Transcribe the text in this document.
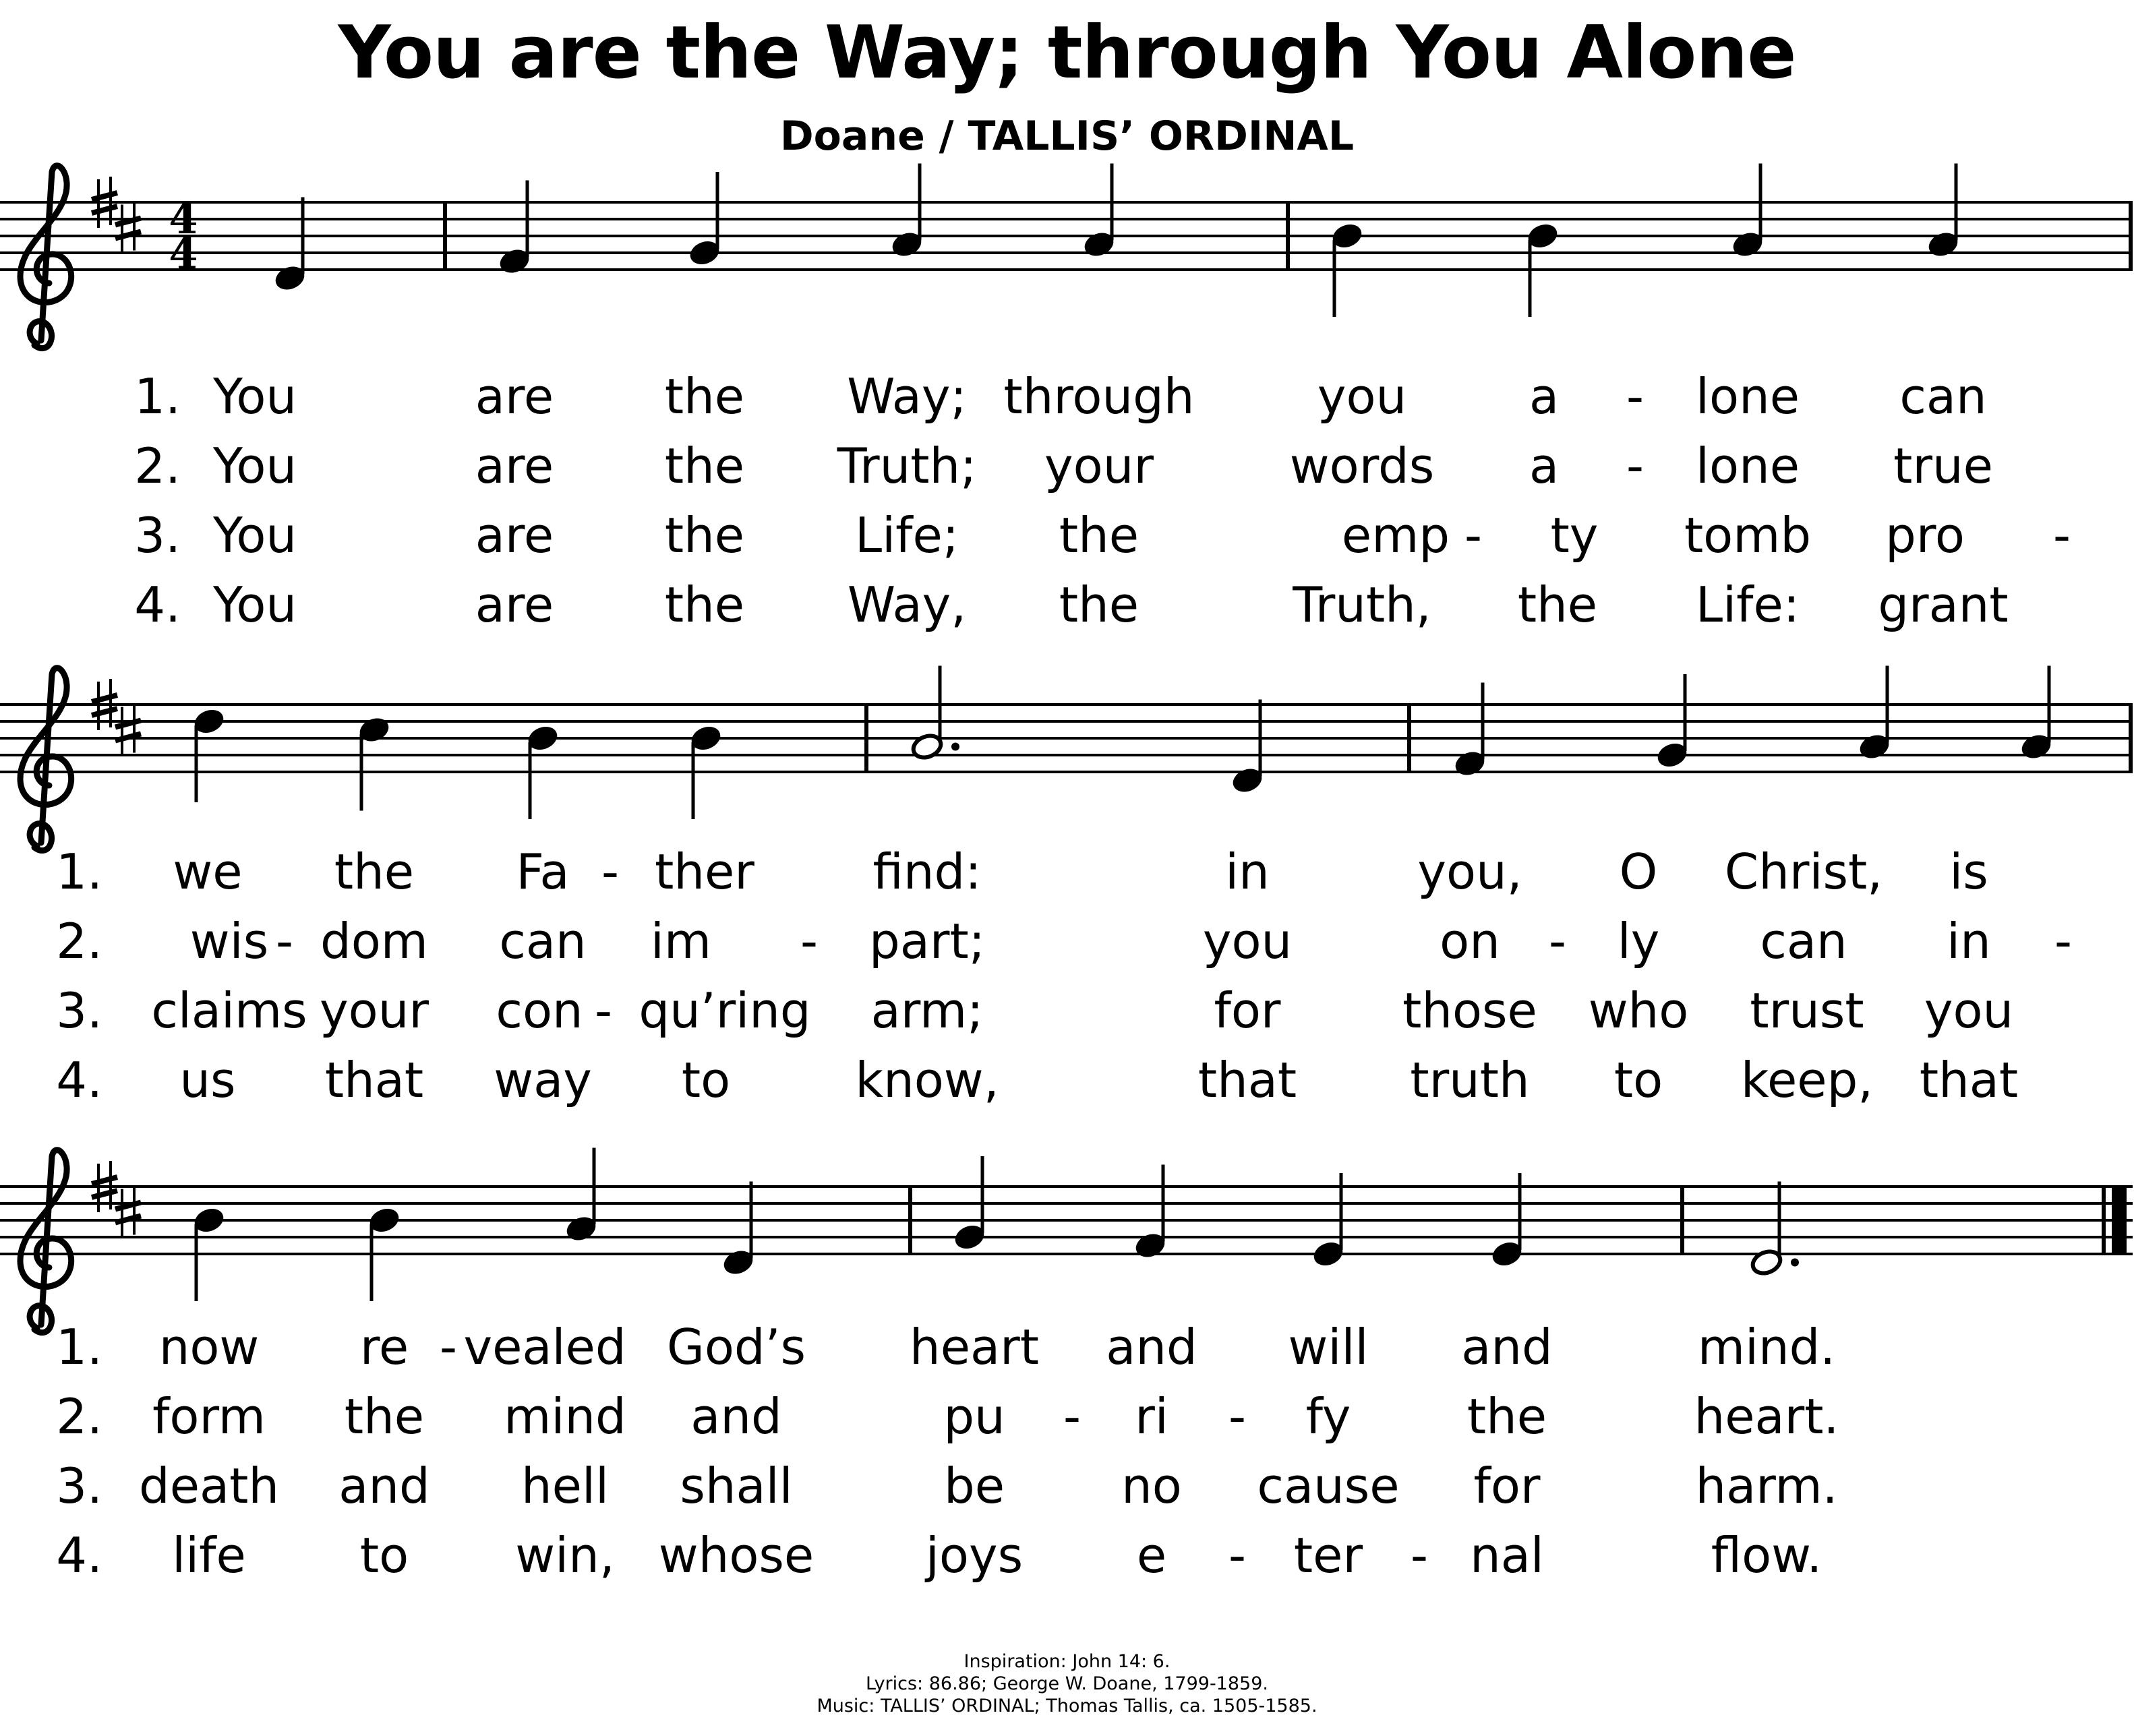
You are the Way; through You Alone
Doane / TALLIS’ ORDINAL
4
4
1. You	are the Way; through	you	a - lone can
2. You	are the Truth; your	words a - lone true
3. You	are the Life; the	emp - ty tomb pro -
4. You	are the Way, the	Truth, the Life: grant
1. we the Fa - ther find:	in	you, O Christ, is
2. wis - dom can im - part;	you	on - ly can in -
3. claims your con - qu’ring arm;	for	those who trust you
4. us that way to	know,	that truth to keep, that
1. now re - vealed God’s heart and will and	mind.
2. form the mind and	pu - ri - fy the	heart.
3. death and hell shall	be no cause for	harm.
4. life to win, whose joys e - ter - nal	flow.
Inspiration: John 14: 6.
Lyrics: 86.86; George W. Doane, 1799-1859.
Music: TALLIS’ ORDINAL; Thomas Tallis, ca. 1505-1585.
